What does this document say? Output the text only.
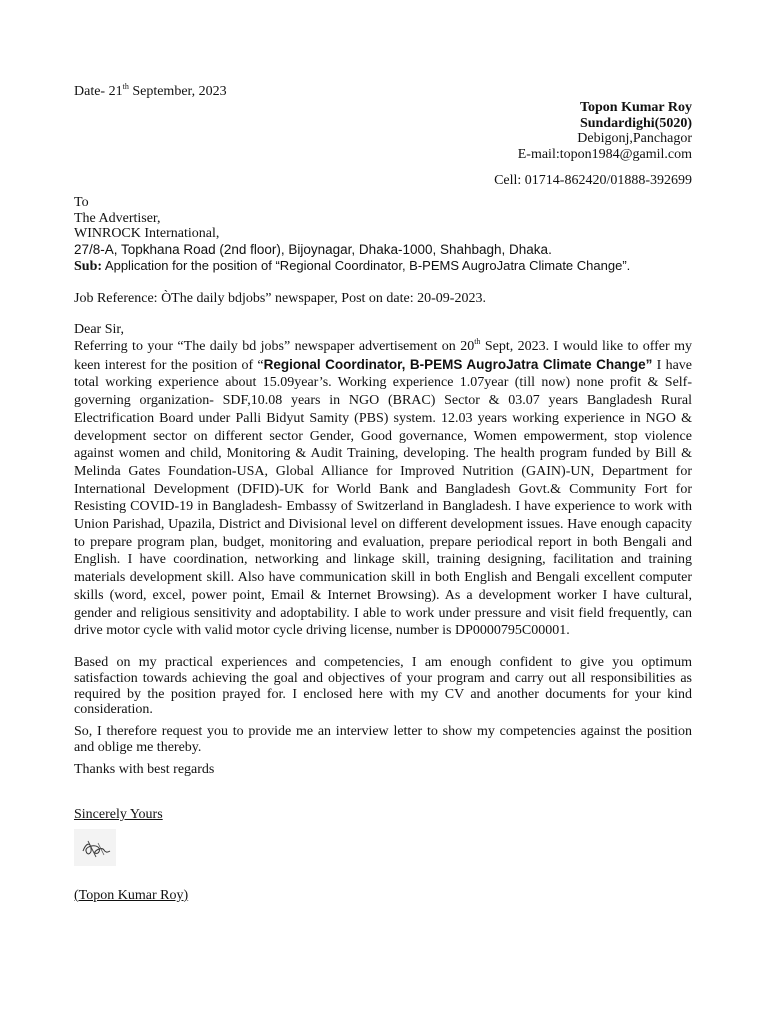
Date- 21th September, 2023
Topon Kumar Roy
Sundardighi(5020)
Debigonj,Panchagor
E-mail:topon1984@gamil.com
Cell: 01714-862420/01888-392699
To
The Advertiser,
WINROCK International,
27/8-A, Topkhana Road (2nd floor), Bijoynagar, Dhaka-1000, Shahbagh, Dhaka.
Sub: Application for the position of “Regional Coordinator, B-PEMS AugroJatra Climate Change”.
Job Reference: ÒThe daily bdjobs” newspaper, Post on date: 20-09-2023.
Dear Sir,

Referring to your “The daily bd jobs” newspaper advertisement on 20th Sept, 2023. I would like to offer my keen interest for the position of “Regional Coordinator, B-PEMS AugroJatra Climate Change” I have total working experience about 15.09year’s. Working experience 1.07year (till now) none profit & Self-governing organization- SDF,10.08 years in NGO (BRAC) Sector & 03.07 years Bangladesh Rural Electrification Board under Palli Bidyut Samity (PBS) system. 12.03 years working experience in NGO & development sector on different sector Gender, Good governance, Women empowerment, stop violence against women and child, Monitoring & Audit Training, developing. The health program funded by Bill & Melinda Gates Foundation-USA, Global Alliance for Improved Nutrition (GAIN)-UN, Department for International Development (DFID)-UK for World Bank and Bangladesh Govt.& Community Fort for Resisting COVID-19 in Bangladesh- Embassy of Switzerland in Bangladesh. I have experience to work with Union Parishad, Upazila, District and Divisional level on different development issues. Have enough capacity to prepare program plan, budget, monitoring and evaluation, prepare periodical report in both Bengali and English. I have coordination, networking and linkage skill, training designing, facilitation and training materials development skill. Also have communication skill in both English and Bengali excellent computer skills (word, excel, power point, Email & Internet Browsing). As a development worker I have cultural, gender and religious sensitivity and adoptability. I able to work under pressure and visit field frequently, can drive motor cycle with valid motor cycle driving license, number is DP0000795C00001.

Based on my practical experiences and competencies, I am enough confident to give you optimum satisfaction towards achieving the goal and objectives of your program and carry out all responsibilities as required by the position prayed for. I enclosed here with my CV and another documents for your kind consideration.

So, I therefore request you to provide me an interview letter to show my competencies against the position and oblige me thereby.

Thanks with best regards
Sincerely Yours
(Topon Kumar Roy)
